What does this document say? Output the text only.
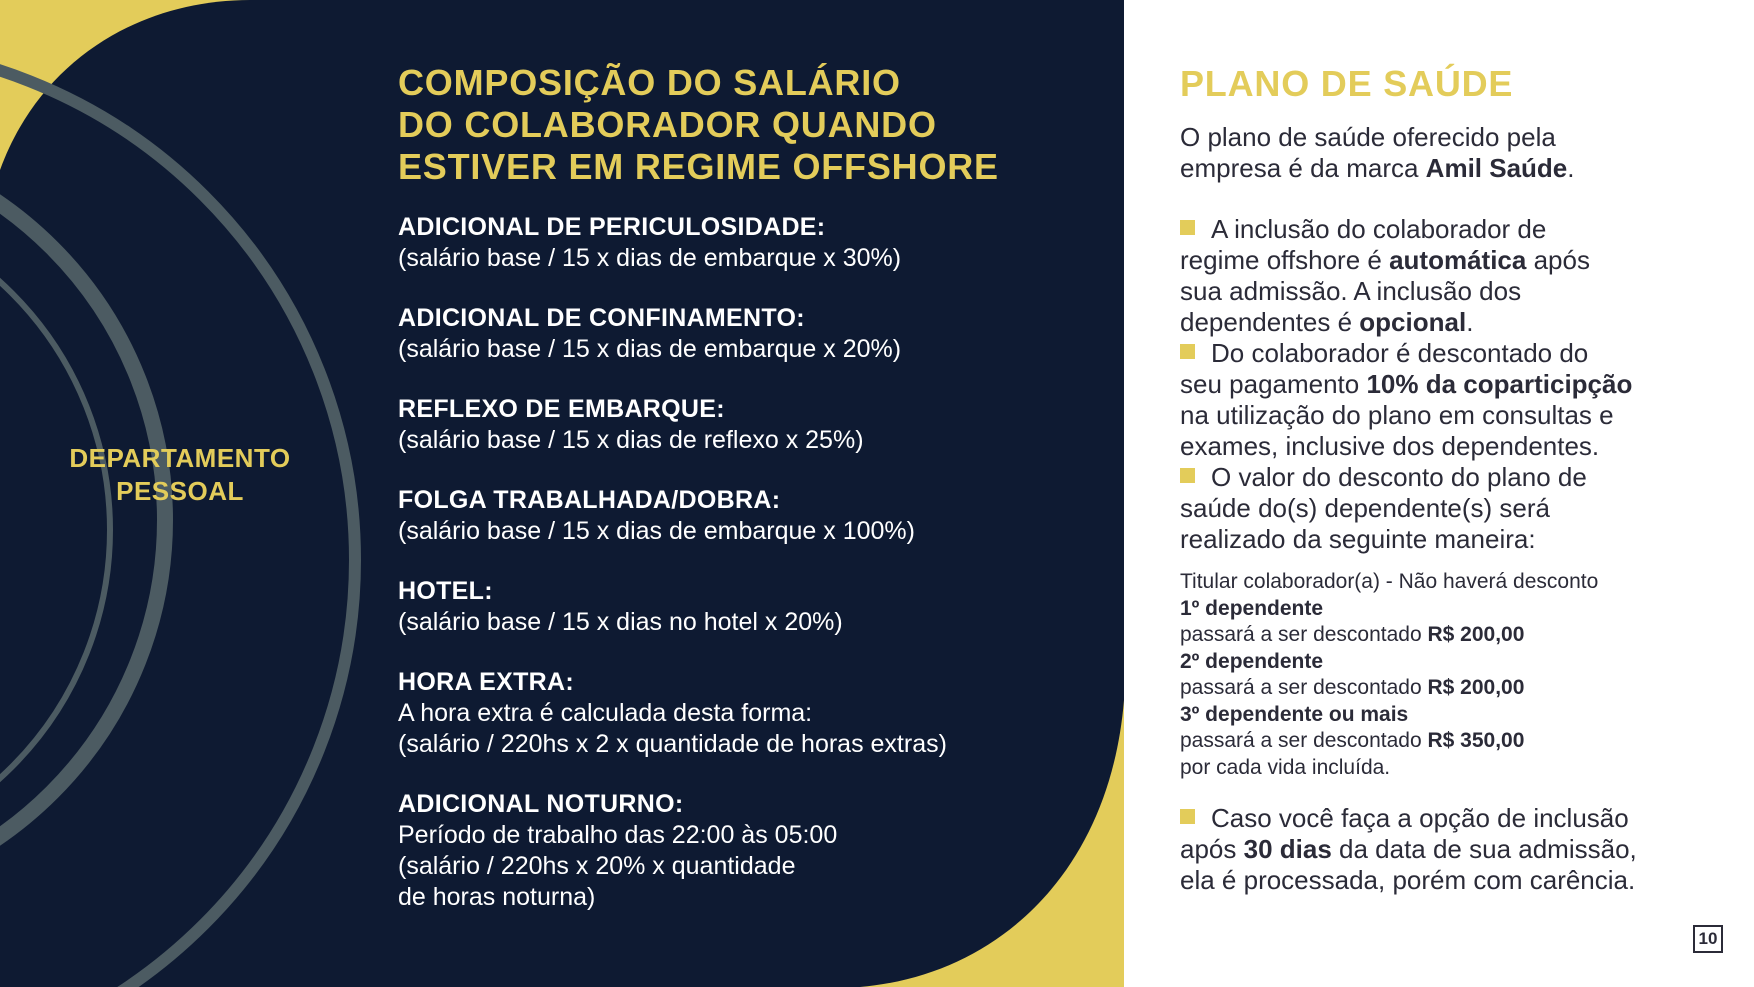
DEPARTAMENTO
PESSOAL
COMPOSIÇÃO DO SALÁRIO
DO COLABORADOR QUANDO
ESTIVER EM REGIME OFFSHORE
ADICIONAL DE PERICULOSIDADE:
(salário base / 15 x dias de embarque x 30%)
ADICIONAL DE CONFINAMENTO:
(salário base / 15 x dias de embarque x 20%)
REFLEXO DE EMBARQUE:
(salário base / 15 x dias de reflexo x 25%)
FOLGA TRABALHADA/DOBRA:
(salário base / 15 x dias de embarque x 100%)
HOTEL:
(salário base / 15 x dias no hotel x 20%)
HORA EXTRA:
A hora extra é calculada desta forma:
(salário / 220hs x 2 x quantidade de horas extras)
ADICIONAL NOTURNO:
Período de trabalho das 22:00 às 05:00
(salário / 220hs x 20% x quantidade
de horas noturna)
PLANO DE SAÚDE
O plano de saúde oferecido pela
empresa é da marca Amil Saúde.
A inclusão do colaborador de
regime offshore é automática após
sua admissão. A inclusão dos
dependentes é opcional.
Do colaborador é descontado do
seu pagamento 10% da coparticipção
na utilização do plano em consultas e
exames, inclusive dos dependentes.
O valor do desconto do plano de
saúde do(s) dependente(s) será
realizado da seguinte maneira:
Titular colaborador(a) - Não haverá desconto
1º dependente
passará a ser descontado R$ 200,00
2º dependente
passará a ser descontado R$ 200,00
3º dependente ou mais
passará a ser descontado R$ 350,00
por cada vida incluída.
Caso você faça a opção de inclusão
após 30 dias da data de sua admissão,
ela é processada, porém com carência.
10
